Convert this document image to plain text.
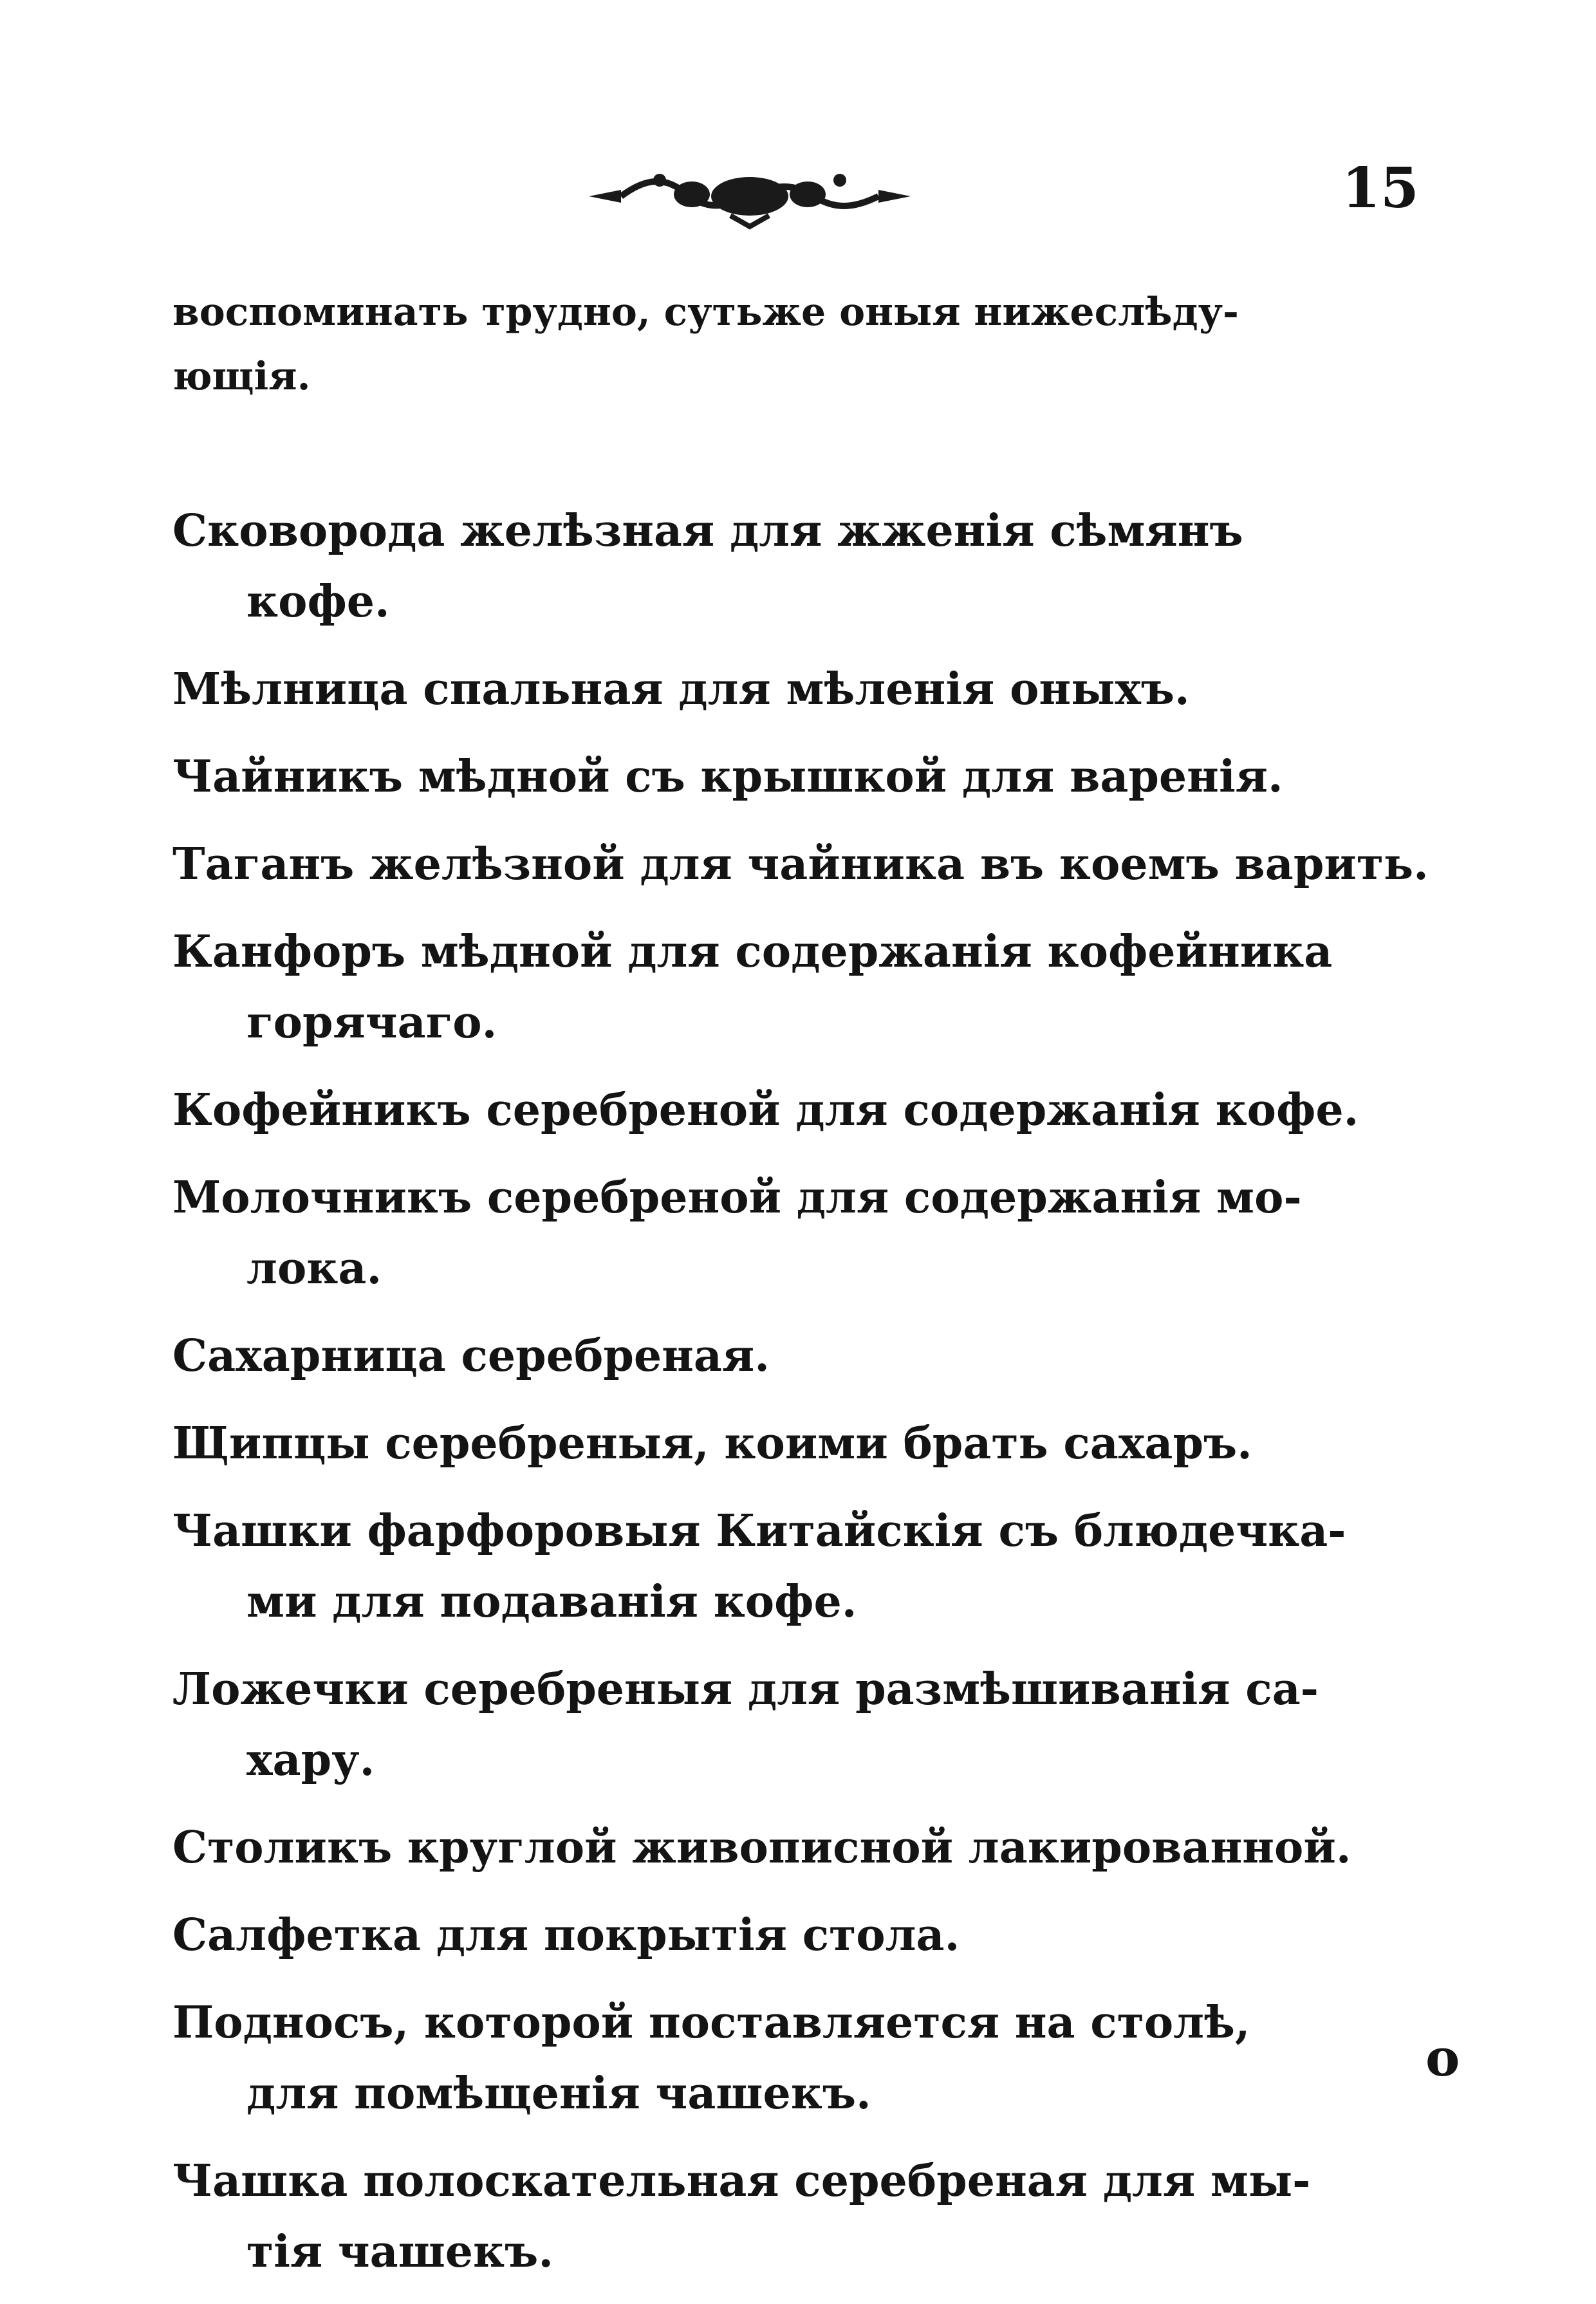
15

воспоминать трудно, сутьже оныя нижеслѣду-
ющія.

Сковорода желѣзная для жженія сѣмянъ
кофе.

Мѣлница спальная для мѣленія оныхъ.

Чайникъ мѣдной съ крышкой для варенія.

Таганъ желѣзной для чайника въ коемъ варить.

Канфоръ мѣдной для содержанія кофейника
горячаго.

Кофейникъ серебреной для содержанія кофе.

Молочникъ серебреной для содержанія мо-
лока.

Сахарница серебреная.

Щипцы серебреныя, коими брать сахаръ.

Чашки фарфоровыя Китайскія съ блюдечка-
ми для подаванія кофе.

Ложечки серебреныя для размѣшиванія са-
хару.

Столикъ круглой живописной лакированной.

Салфетка для покрытія стола.

Подносъ, которой поставляется на столѣ,
для помѣщенія чашекъ.

Чашка полоскательная серебреная для мы-
тія чашекъ.

о
